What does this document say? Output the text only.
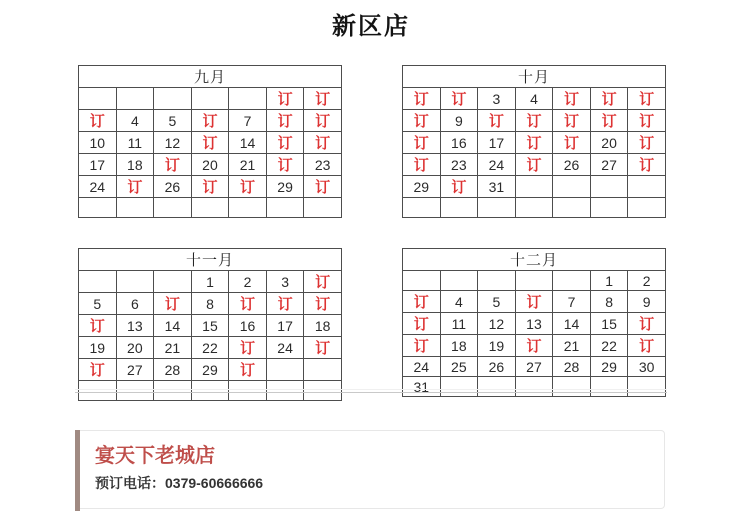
新区店
九月						
					订	订
订	4	5	订	7	订	订
10	11	12	订	14	订	订
17	18	订	20	21	订	23
24	订	26	订	订	29	订

十月						
订	订	3	4	订	订	订
订	9	订	订	订	订	订
订	16	17	订	订	20	订
订	23	24	订	26	27	订
29	订	31				

十一月						
			1	2	3	订
5	6	订	8	订	订	订
订	13	14	15	16	17	18
19	20	21	22	订	24	订
订	27	28	29	订		

十二月						
					1	2
订	4	5	订	7	8	9
订	11	12	13	14	15	订
订	18	19	订	21	22	订
24	25	26	27	28	29	30
31						
宴天下老城店
预订电话：0379-60666666
